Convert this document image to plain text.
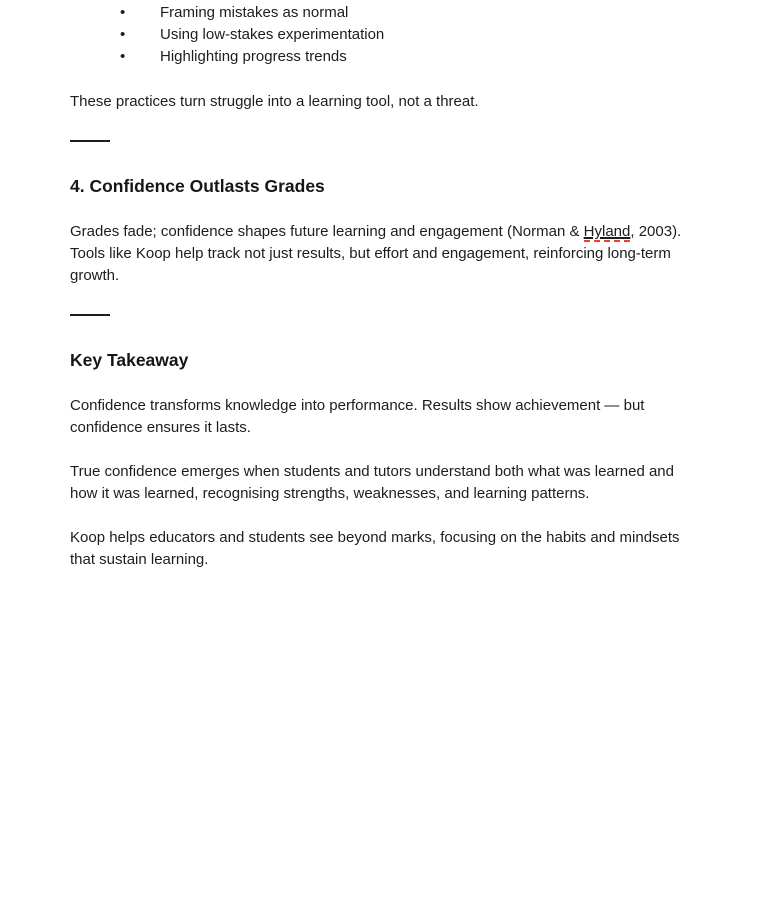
•	Framing mistakes as normal
•	Using low-stakes experimentation
•	Highlighting progress trends

These practices turn struggle into a learning tool, not a threat.

4. Confidence Outlasts Grades

Grades fade; confidence shapes future learning and engagement (Norman & Hyland, 2003). Tools like Koop help track not just results, but effort and engagement, reinforcing long-term growth.

Key Takeaway

Confidence transforms knowledge into performance. Results show achievement — but confidence ensures it lasts.

True confidence emerges when students and tutors understand both what was learned and how it was learned, recognising strengths, weaknesses, and learning patterns.

Koop helps educators and students see beyond marks, focusing on the habits and mindsets that sustain learning.
